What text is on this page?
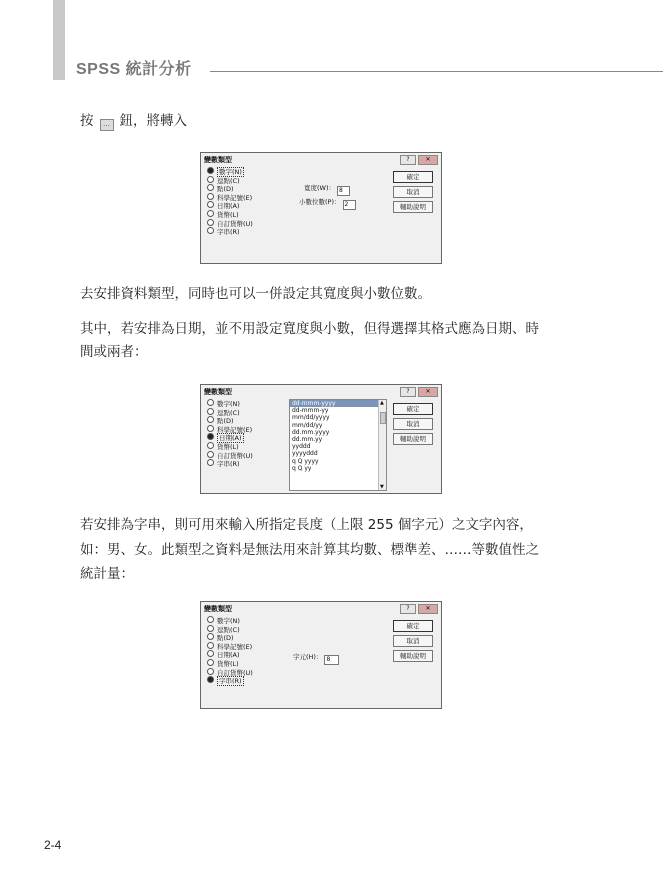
SPSS 統計分析
按 … 鈕，將轉入
變數類型	?	✕
數字(N)
逗點(C)
點(D)
科學記號(E)
日期(A)
貨幣(L)
自訂貨幣(U)
字串(R)
寬度(W)： 8
小數位數(P)： 2
確定
取消
輔助說明
去安排資料類型，同時也可以一併設定其寬度與小數位數。
其中，若安排為日期，並不用設定寬度與小數，但得選擇其格式應為日期、時
間或兩者：
變數類型	?	✕
數字(N)
逗點(C)
點(D)
科學記號(E)
日期(A)
貨幣(L)
自訂貨幣(U)
字串(R)
dd-mmm-yyyy
dd-mmm-yy
mm/dd/yyyy
mm/dd/yy
dd.mm.yyyy
dd.mm.yy
yyddd
yyyyddd
q Q yyyy
q Q yy
▲
▼
確定
取消
輔助說明
若安排為字串，則可用來輸入所指定長度（上限 255 個字元）之文字內容，
如：男、女。此類型之資料是無法用來計算其均數、標準差、……等數值性之
統計量：
變數類型	?	✕
數字(N)
逗點(C)
點(D)
科學記號(E)
日期(A)
貨幣(L)
自訂貨幣(U)
字串(R)
字元(H)： 8
確定
取消
輔助說明
2-4
